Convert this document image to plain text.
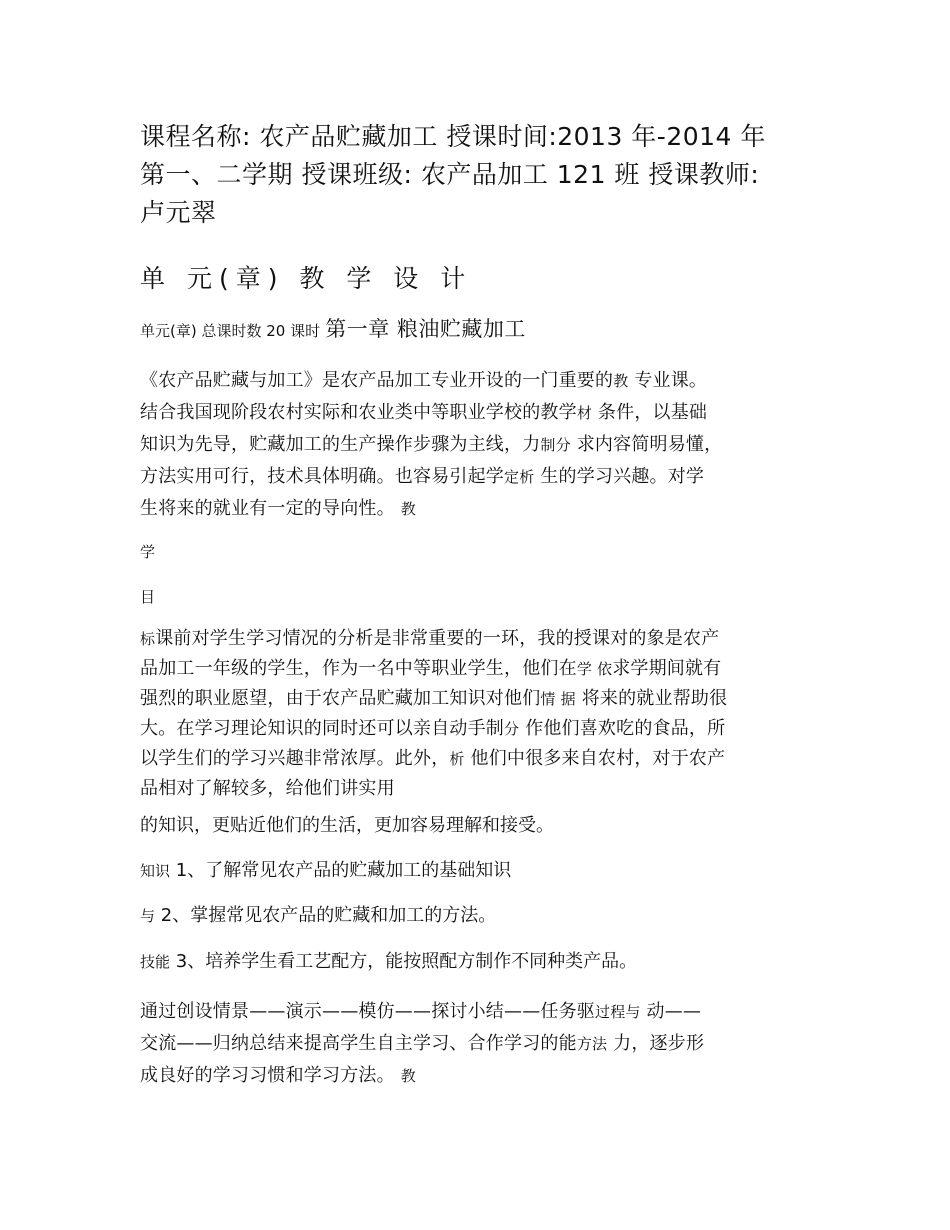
课程名称: 农产品贮藏加工 授课时间:2013 年-2014 年
第一、二学期 授课班级: 农产品加工 121 班 授课教师:
卢元翠
单 元(章) 教 学 设 计
单元(章) 总课时数 20 课时 第一章 粮油贮藏加工
《农产品贮藏与加工》是农产品加工专业开设的一门重要的教 专业课。
结合我国现阶段农村实际和农业类中等职业学校的教学材 条件，以基础
知识为先导，贮藏加工的生产操作步骤为主线，力制分 求内容简明易懂，
方法实用可行，技术具体明确。也容易引起学定析 生的学习兴趣。对学
生将来的就业有一定的导向性。 教
学
目
标课前对学生学习情况的分析是非常重要的一环，我的授课对的象是农产
品加工一年级的学生，作为一名中等职业学生，他们在学 依求学期间就有
强烈的职业愿望，由于农产品贮藏加工知识对他们情 据 将来的就业帮助很
大。在学习理论知识的同时还可以亲自动手制分 作他们喜欢吃的食品，所
以学生们的学习兴趣非常浓厚。此外，析 他们中很多来自农村，对于农产
品相对了解较多，给他们讲实用
的知识，更贴近他们的生活，更加容易理解和接受。
知识 1、了解常见农产品的贮藏加工的基础知识
与 2、掌握常见农产品的贮藏和加工的方法。
技能 3、培养学生看工艺配方，能按照配方制作不同种类产品。
通过创设情景——演示——模仿——探讨小结——任务驱过程与 动——
交流——归纳总结来提高学生自主学习、合作学习的能方法 力，逐步形
成良好的学习习惯和学习方法。 教
